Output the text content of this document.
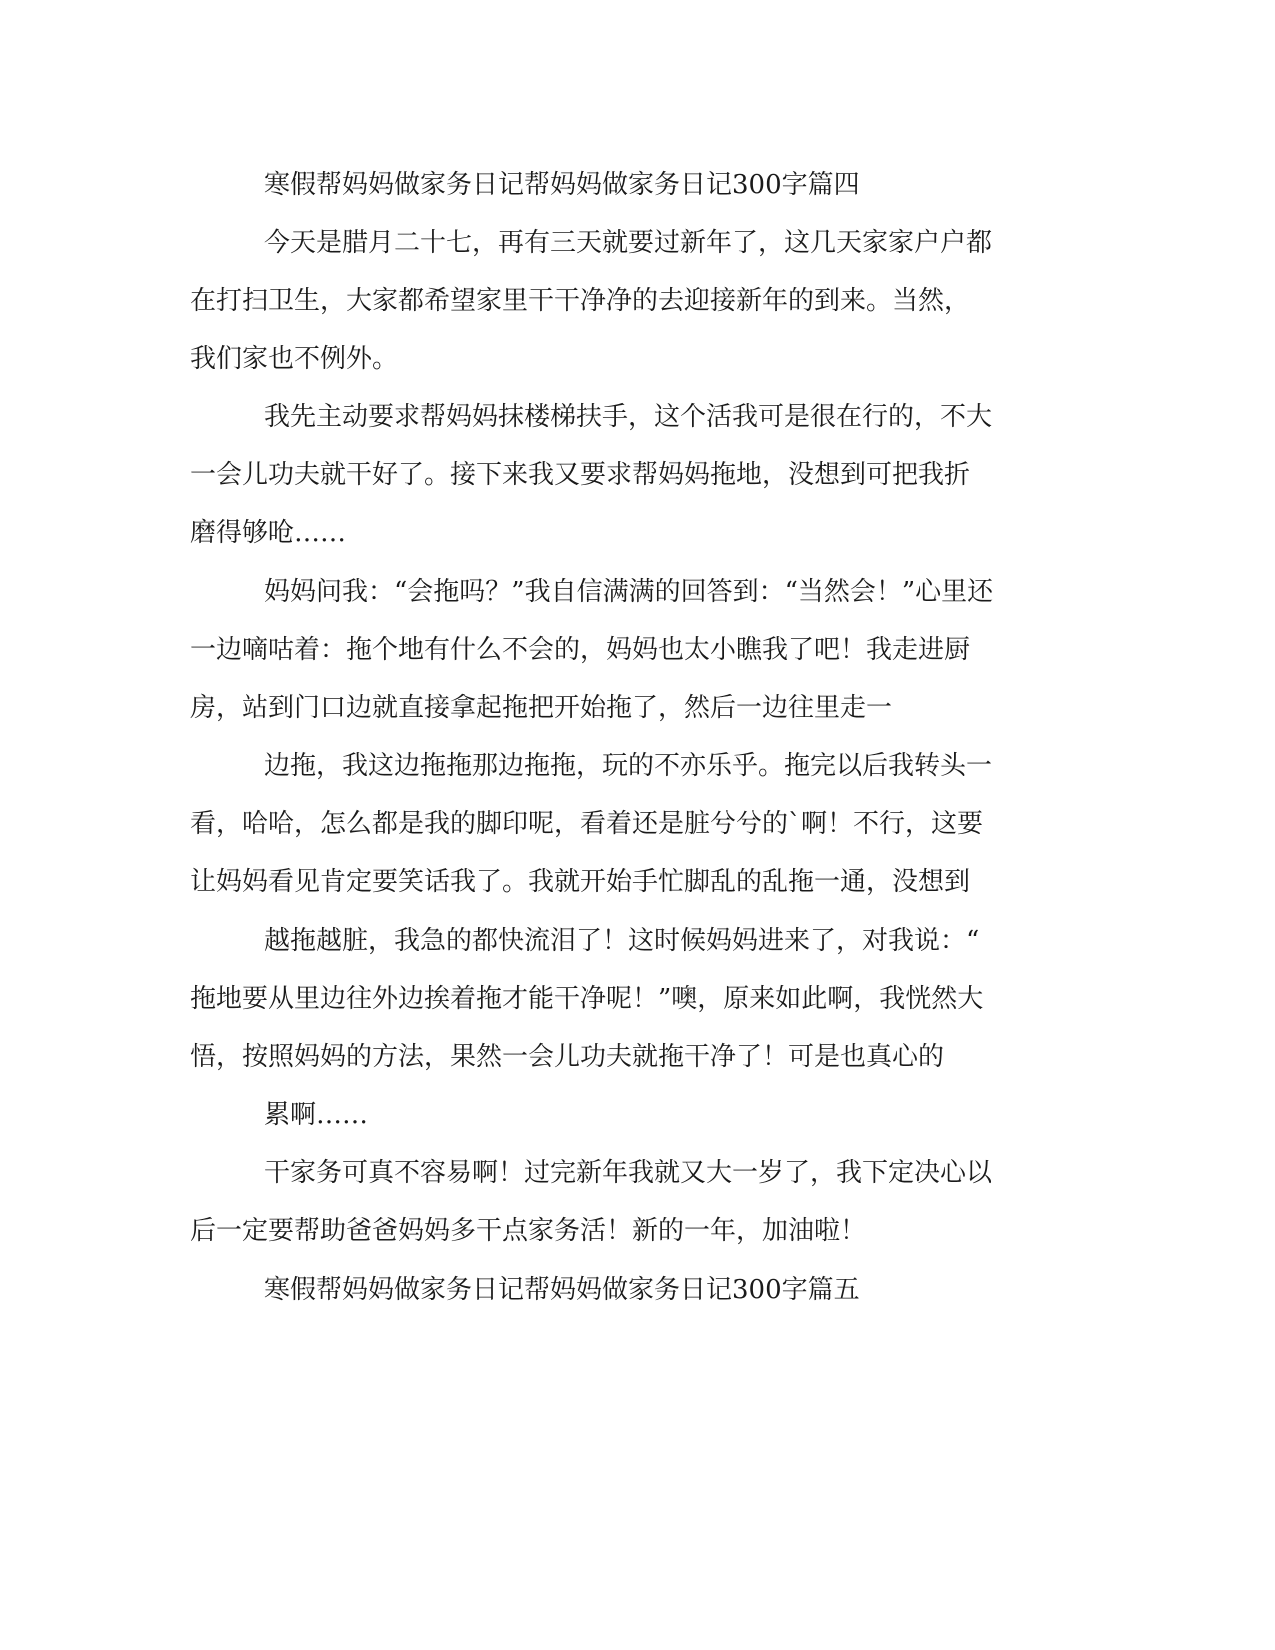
寒假帮妈妈做家务日记帮妈妈做家务日记300字篇四
今天是腊月二十七，再有三天就要过新年了，这几天家家户户都
在打扫卫生，大家都希望家里干干净净的去迎接新年的到来。当然，
我们家也不例外。
我先主动要求帮妈妈抹楼梯扶手，这个活我可是很在行的，不大
一会儿功夫就干好了。接下来我又要求帮妈妈拖地，没想到可把我折
磨得够呛……
妈妈问我：“会拖吗？”我自信满满的回答到：“当然会！”心里还
一边嘀咕着：拖个地有什么不会的，妈妈也太小瞧我了吧！我走进厨
房，站到门口边就直接拿起拖把开始拖了，然后一边往里走一
边拖，我这边拖拖那边拖拖，玩的不亦乐乎。拖完以后我转头一
看，哈哈，怎么都是我的脚印呢，看着还是脏兮兮的`啊！不行，这要
让妈妈看见肯定要笑话我了。我就开始手忙脚乱的乱拖一通，没想到
越拖越脏，我急的都快流泪了！这时候妈妈进来了，对我说：“
拖地要从里边往外边挨着拖才能干净呢！”噢，原来如此啊，我恍然大
悟，按照妈妈的方法，果然一会儿功夫就拖干净了！可是也真心的
累啊……
干家务可真不容易啊！过完新年我就又大一岁了，我下定决心以
后一定要帮助爸爸妈妈多干点家务活！新的一年，加油啦！
寒假帮妈妈做家务日记帮妈妈做家务日记300字篇五
